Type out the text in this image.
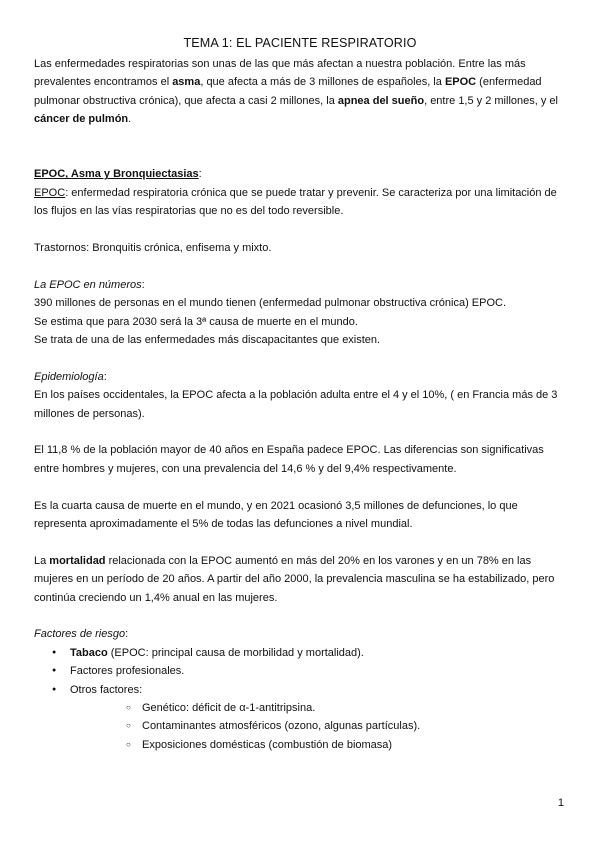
TEMA 1: EL PACIENTE RESPIRATORIO

Las enfermedades respiratorias son unas de las que más afectan a nuestra población. Entre las más prevalentes encontramos el asma, que afecta a más de 3 millones de españoles, la EPOC (enfermedad pulmonar obstructiva crónica), que afecta a casi 2 millones, la apnea del sueño, entre 1,5 y 2 millones, y el cáncer de pulmón.

EPOC, Asma y Bronquiectasias:

EPOC: enfermedad respiratoria crónica que se puede tratar y prevenir. Se caracteriza por una limitación de los flujos en las vías respiratorias que no es del todo reversible.

Trastornos: Bronquitis crónica, enfisema y mixto.

La EPOC en números:

390 millones de personas en el mundo tienen (enfermedad pulmonar obstructiva crónica) EPOC.

Se estima que para 2030 será la 3ª causa de muerte en el mundo.

Se trata de una de las enfermedades más discapacitantes que existen.

Epidemiología:

En los países occidentales, la EPOC afecta a la población adulta entre el 4 y el 10%, ( en Francia más de 3 millones de personas).

El 11,8 % de la población mayor de 40 años en España padece EPOC. Las diferencias son significativas entre hombres y mujeres, con una prevalencia del 14,6 % y del 9,4% respectivamente.

Es la cuarta causa de muerte en el mundo, y en 2021 ocasionó 3,5 millones de defunciones, lo que representa aproximadamente el 5% de todas las defunciones a nivel mundial.

La mortalidad relacionada con la EPOC aumentó en más del 20% en los varones y en un 78% en las mujeres en un período de 20 años. A partir del año 2000, la prevalencia masculina se ha estabilizado, pero continúa creciendo un 1,4% anual en las mujeres.

Factores de riesgo:

● Tabaco (EPOC: principal causa de morbilidad y mortalidad).
● Factores profesionales.
● Otros factores:
○ Genético: déficit de α-1-antitripsina.
○ Contaminantes atmosféricos (ozono, algunas partículas).
○ Exposiciones domésticas (combustión de biomasa)
1
